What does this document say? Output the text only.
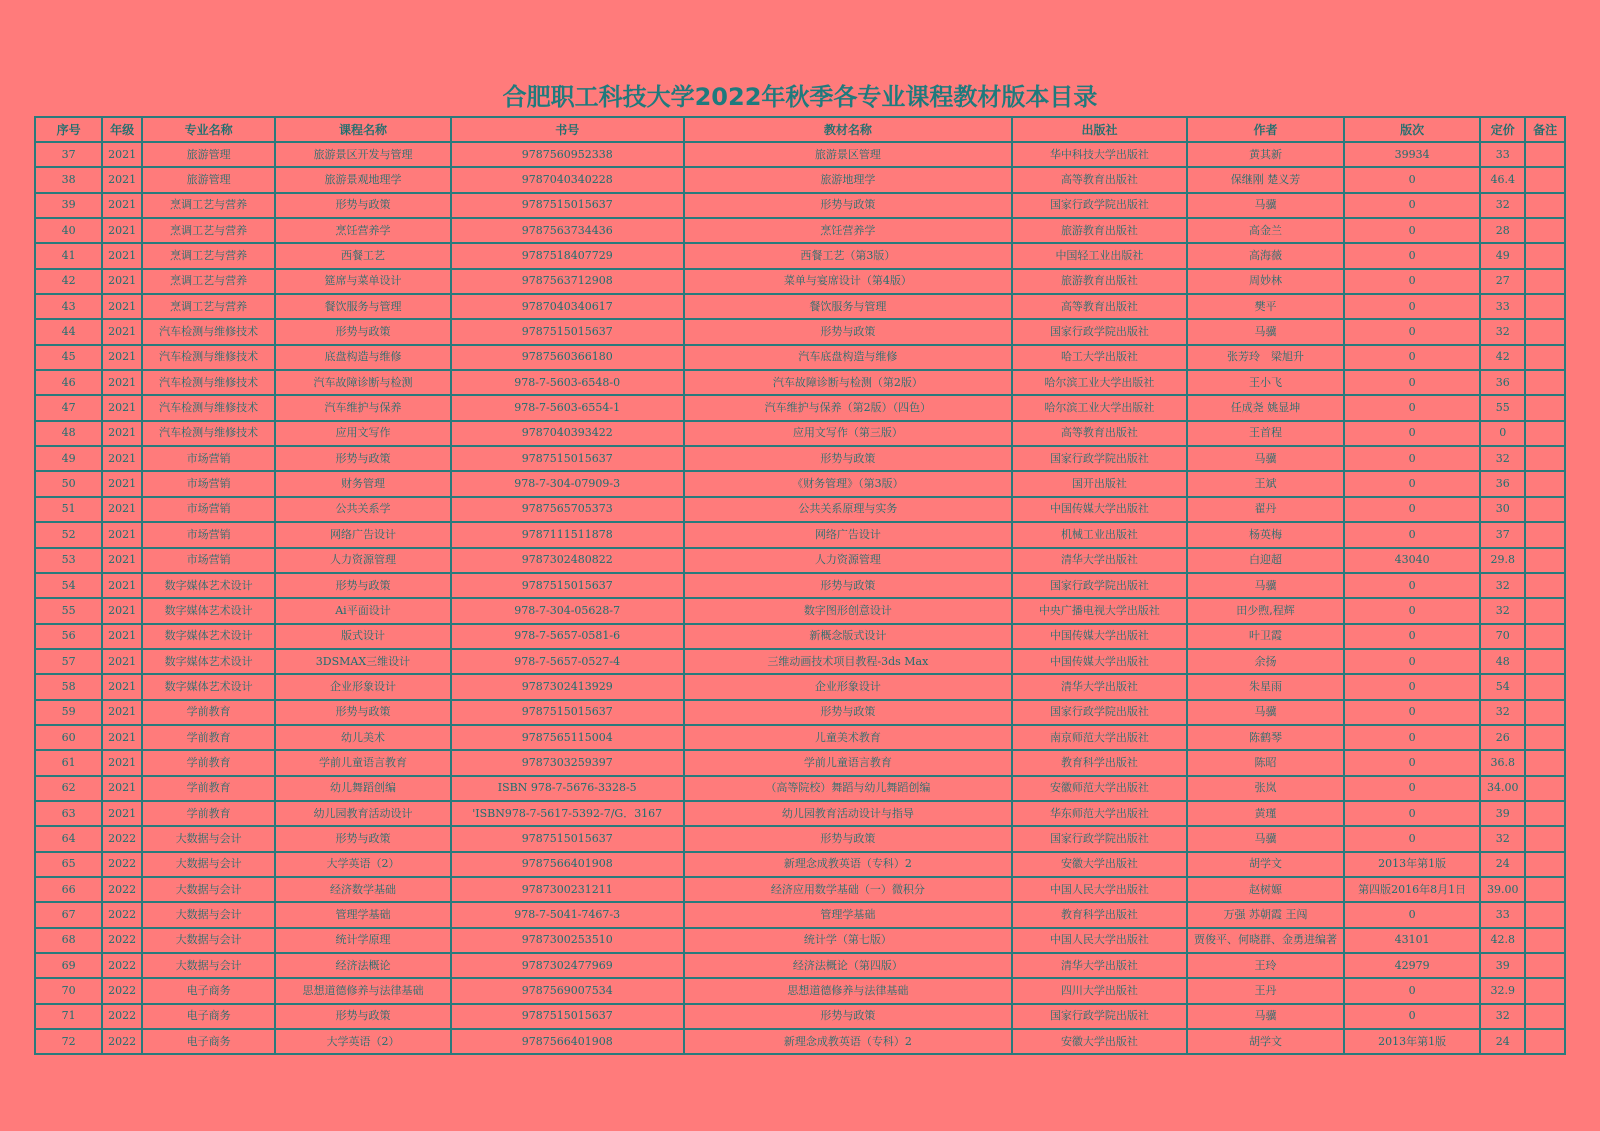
合肥职工科技大学2022年秋季各专业课程教材版本目录
序号	年级	专业名称	课程名称	书号	教材名称	出版社	作者	版次	定价	备注
37	2021	旅游管理	旅游景区开发与管理	9787560952338	旅游景区管理	华中科技大学出版社	黄其新	39934	33	
38	2021	旅游管理	旅游景观地理学	9787040340228	旅游地理学	高等教育出版社	保继刚 楚义芳	0	46.4	
39	2021	烹调工艺与营养	形势与政策	9787515015637	形势与政策	国家行政学院出版社	马骥	0	32	
40	2021	烹调工艺与营养	烹饪营养学	9787563734436	烹饪营养学	旅游教育出版社	高金兰	0	28	
41	2021	烹调工艺与营养	西餐工艺	9787518407729	西餐工艺（第3版）	中国轻工业出版社	高海薇	0	49	
42	2021	烹调工艺与营养	筵席与菜单设计	9787563712908	菜单与宴席设计（第4版）	旅游教育出版社	周妙林	0	27	
43	2021	烹调工艺与营养	餐饮服务与管理	9787040340617	餐饮服务与管理	高等教育出版社	樊平	0	33	
44	2021	汽车检测与维修技术	形势与政策	9787515015637	形势与政策	国家行政学院出版社	马骥	0	32	
45	2021	汽车检测与维修技术	底盘构造与维修	9787560366180	汽车底盘构造与维修	哈工大学出版社	张芳玲　梁旭升	0	42	
46	2021	汽车检测与维修技术	汽车故障诊断与检测	978-7-5603-6548-0	汽车故障诊断与检测（第2版）	哈尔滨工业大学出版社	王小飞	0	36	
47	2021	汽车检测与维修技术	汽车维护与保养	978-7-5603-6554-1	汽车维护与保养（第2版）（四色）	哈尔滨工业大学出版社	任成尧 姚显坤	0	55	
48	2021	汽车检测与维修技术	应用文写作	9787040393422	应用文写作（第三版）	高等教育出版社	王首程	0	0	
49	2021	市场营销	形势与政策	9787515015637	形势与政策	国家行政学院出版社	马骥	0	32	
50	2021	市场营销	财务管理	978-7-304-07909-3	《财务管理》（第3版）	国开出版社	王斌	0	36	
51	2021	市场营销	公共关系学	9787565705373	公共关系原理与实务	中国传媒大学出版社	翟丹	0	30	
52	2021	市场营销	网络广告设计	9787111511878	网络广告设计	机械工业出版社	杨英梅	0	37	
53	2021	市场营销	人力资源管理	9787302480822	人力资源管理	清华大学出版社	白迎超	43040	29.8	
54	2021	数字媒体艺术设计	形势与政策	9787515015637	形势与政策	国家行政学院出版社	马骥	0	32	
55	2021	数字媒体艺术设计	Ai平面设计	978-7-304-05628-7	数字图形创意设计	中央广播电视大学出版社	田少煦,程辉	0	32	
56	2021	数字媒体艺术设计	版式设计	978-7-5657-0581-6	新概念版式设计	中国传媒大学出版社	叶卫霞	0	70	
57	2021	数字媒体艺术设计	3DSMAX三维设计	978-7-5657-0527-4	三维动画技术项目教程-3ds Max	中国传媒大学出版社	余扬	0	48	
58	2021	数字媒体艺术设计	企业形象设计	9787302413929	企业形象设计	清华大学出版社	朱星雨	0	54	
59	2021	学前教育	形势与政策	9787515015637	形势与政策	国家行政学院出版社	马骥	0	32	
60	2021	学前教育	幼儿美术	9787565115004	儿童美术教育	南京师范大学出版社	陈鹤琴	0	26	
61	2021	学前教育	学前儿童语言教育	9787303259397	学前儿童语言教育	教育科学出版社	陈昭	0	36.8	
62	2021	学前教育	幼儿舞蹈创编	ISBN 978-7-5676-3328-5	（高等院校）舞蹈与幼儿舞蹈创编	安徽师范大学出版社	张岚	0	34.00	
63	2021	学前教育	幼儿园教育活动设计	'ISBN978-7-5617-5392-7/G．3167	幼儿园教育活动设计与指导	华东师范大学出版社	黄瑾	0	39	
64	2022	大数据与会计	形势与政策	9787515015637	形势与政策	国家行政学院出版社	马骥	0	32	
65	2022	大数据与会计	大学英语（2）	9787566401908	新理念成教英语（专科）2	安徽大学出版社	胡学文	2013年第1版	24	
66	2022	大数据与会计	经济数学基础	9787300231211	经济应用数学基础（一）微积分	中国人民大学出版社	赵树嫄	第四版2016年8月1日	39.00	
67	2022	大数据与会计	管理学基础	978-7-5041-7467-3	管理学基础	教育科学出版社	万强 苏朝霞 王闯	0	33	
68	2022	大数据与会计	统计学原理	9787300253510	统计学（第七版）	中国人民大学出版社	贾俊平、何晓群、金勇进编著	43101	42.8	
69	2022	大数据与会计	经济法概论	9787302477969	经济法概论（第四版）	清华大学出版社	王玲	42979	39	
70	2022	电子商务	思想道德修养与法律基础	9787569007534	思想道德修养与法律基础	四川大学出版社	王丹	0	32.9	
71	2022	电子商务	形势与政策	9787515015637	形势与政策	国家行政学院出版社	马骥	0	32	
72	2022	电子商务	大学英语（2）	9787566401908	新理念成教英语（专科）2	安徽大学出版社	胡学文	2013年第1版	24	
